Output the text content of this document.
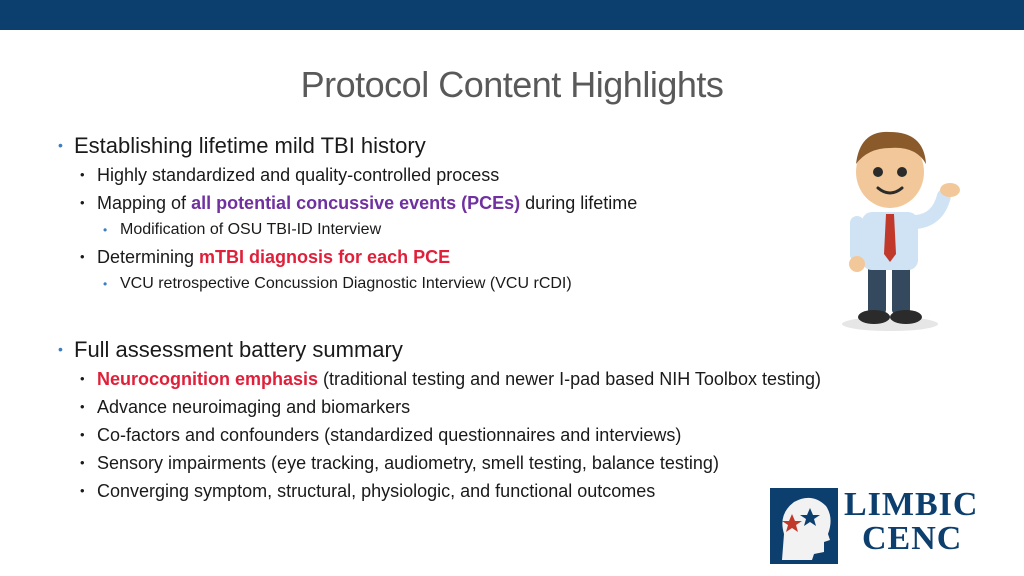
Protocol Content Highlights
• Establishing lifetime mild TBI history
• Highly standardized and quality-controlled process
• Mapping of all potential concussive events (PCEs) during lifetime
• Modification of OSU TBI-ID Interview
• Determining mTBI diagnosis for each PCE
• VCU retrospective Concussion Diagnostic Interview (VCU rCDI)
• Full assessment battery summary
• Neurocognition emphasis (traditional testing and newer I-pad based NIH Toolbox testing)
• Advance neuroimaging and biomarkers
• Co-factors and confounders (standardized questionnaires and interviews)
• Sensory impairments (eye tracking, audiometry, smell testing, balance testing)
• Converging symptom, structural, physiologic, and functional outcomes	LIMBIC
CENC
